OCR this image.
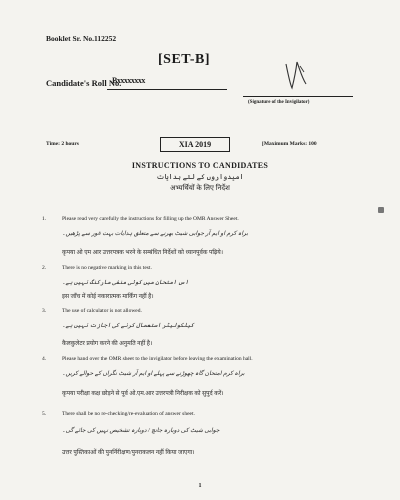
Booklet Sr. No.112252
[SET-B]
Candidate's Roll No.
Bxxxxxxxx
(Signature of the Invigilator)
Time: 2 hours	XIA 2019	[Maximum Marks: 100
INSTRUCTIONS TO CANDIDATES
امیدواروں کے لئے ہدایات
अभ्यर्थियों के लिए निर्देश
1.	Please read very carefully the instructions for filling up the OMR Answer Sheet.
براہ کرم او ایم آر جوابی شیٹ بھرنے سے متعلق ہدایات بہت غور سے پڑھیں۔
कृपया ओ एम आर उत्तरपत्रक भरने के सम्बंधित निर्देशों को ध्यानपूर्वक पढ़िये।
2.	There is no negative marking in this test.
اس امتحان میں کوئی منفی مارکنگ نہیں ہے۔
इस जाँच में कोई नकारात्मक मार्किंग नहीं है।
3.	The use of calculator is not allowed.
کیلکولیٹر استعمال کرنے کی اجازت نہیں ہے۔
कैलकुलेटर प्रयोग करने की अनुमति नहीं है।
4.	Please hand over the OMR sheet to the invigilator before leaving the examination hall.
براہ کرم امتحان گاہ چھوڑنے سے پہلے او ایم آر شیٹ نگراں کے حوالے کریں۔
कृपया परीक्षा कक्ष छोड़ने से पूर्व ओ.एम.आर उत्तरपत्री निरीक्षक को सुपुर्द करें।
5.	There shall be no re-checking/re-evaluation of answer sheet.
جوابی شیٹ کی دوبارہ جانچ / دوبارہ تشخیص نہیں کی جائے گی۔
उत्तर पुस्तिकाओं की पुनर्निरीक्षण/पुनराकलन नहीं किया जाएगा।
1
